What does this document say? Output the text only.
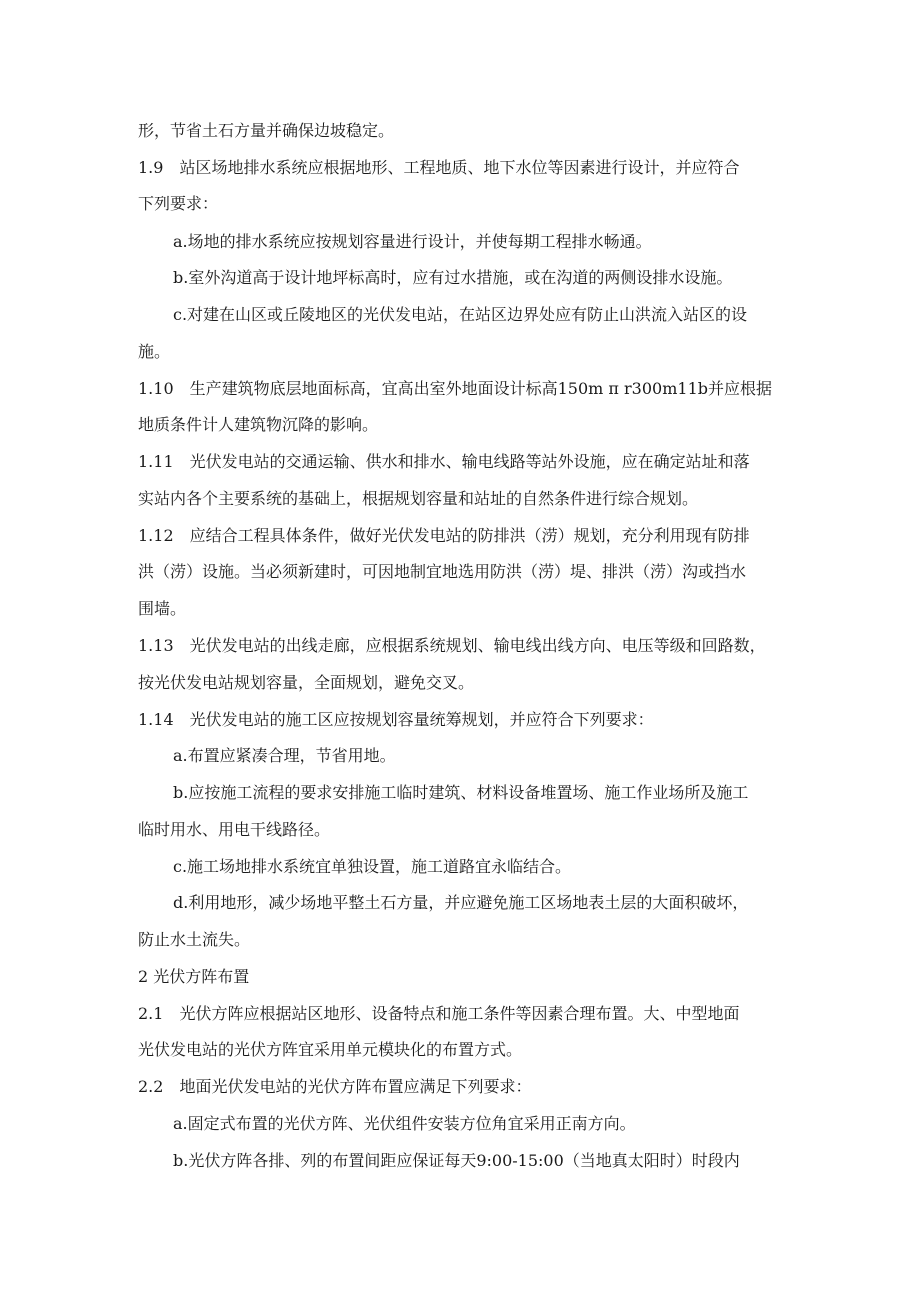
形，节省土石方量并确保边坡稳定。
1.9　站区场地排水系统应根据地形、工程地质、地下水位等因素进行设计，并应符合
下列要求：
a.场地的排水系统应按规划容量进行设计，并使每期工程排水畅通。
b.室外沟道高于设计地坪标高时，应有过水措施，或在沟道的两侧设排水设施。
c.对建在山区或丘陵地区的光伏发电站，在站区边界处应有防止山洪流入站区的设
施。
1.10　生产建筑物底层地面标高，宜高出室外地面设计标高150m π r300m11b并应根据
地质条件计人建筑物沉降的影响。
1.11　光伏发电站的交通运输、供水和排水、输电线路等站外设施，应在确定站址和落
实站内各个主要系统的基础上，根据规划容量和站址的自然条件进行综合规划。
1.12　应结合工程具体条件，做好光伏发电站的防排洪（涝）规划，充分利用现有防排
洪（涝）设施。当必须新建时，可因地制宜地选用防洪（涝）堤、排洪（涝）沟或挡水
围墙。
1.13　光伏发电站的出线走廊，应根据系统规划、输电线出线方向、电压等级和回路数，
按光伏发电站规划容量，全面规划，避免交叉。
1.14　光伏发电站的施工区应按规划容量统筹规划，并应符合下列要求：
a.布置应紧凑合理，节省用地。
b.应按施工流程的要求安排施工临时建筑、材料设备堆置场、施工作业场所及施工
临时用水、用电干线路径。
c.施工场地排水系统宜单独设置，施工道路宜永临结合。
d.利用地形，减少场地平整土石方量，并应避免施工区场地表土层的大面积破坏，
防止水土流失。
2 光伏方阵布置
2.1　光伏方阵应根据站区地形、设备特点和施工条件等因素合理布置。大、中型地面
光伏发电站的光伏方阵宜采用单元模块化的布置方式。
2.2　地面光伏发电站的光伏方阵布置应满足下列要求：
a.固定式布置的光伏方阵、光伏组件安装方位角宜采用正南方向。
b.光伏方阵各排、列的布置间距应保证每天9:00-15:00（当地真太阳时）时段内
